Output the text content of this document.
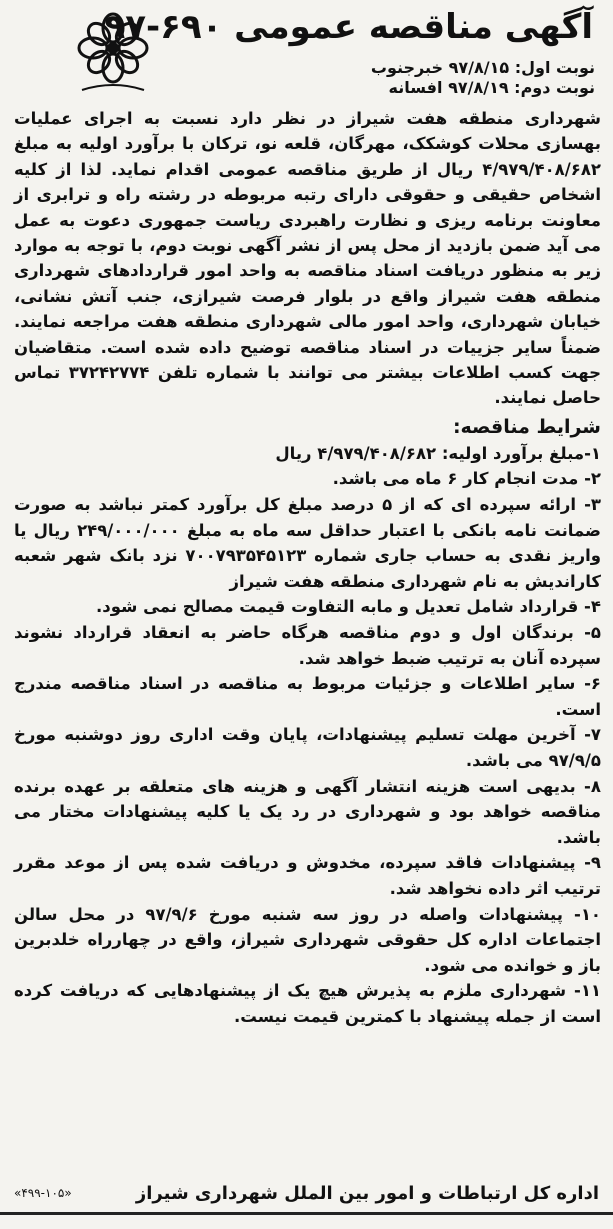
آگهی مناقصه عمومی ۶۹۰-۹۷
نوبت اول: ۹۷/۸/۱۵ خبرجنوب
نوبت دوم: ۹۷/۸/۱۹ افسانه
شهرداری منطقه هفت شیراز در نظر دارد نسبت به اجرای عملیات بهسازی محلات کوشکک، مهرگان، قلعه نو، ترکان با برآورد اولیه به مبلغ ۴/۹۷۹/۴۰۸/۶۸۲ ریال از طریق مناقصه عمومی اقدام نماید. لذا از کلیه اشخاص حقیقی و حقوقی دارای رتبه مربوطه در رشته راه و ترابری از معاونت برنامه ریزی و نظارت راهبردی ریاست جمهوری دعوت به عمل می آید ضمن بازدید از محل پس از نشر آگهی نوبت دوم، با توجه به موارد زیر به منظور دریافت اسناد مناقصه به واحد امور قراردادهای شهرداری منطقه هفت شیراز واقع در بلوار فرصت شیرازی، جنب آتش نشانی، خیابان شهرداری، واحد امور مالی شهرداری منطقه هفت مراجعه نمایند. ضمناً سایر جزییات در اسناد مناقصه توضیح داده شده است. متقاضیان جهت کسب اطلاعات بیشتر می توانند با شماره تلفن ۳۷۲۴۲۷۷۴ تماس حاصل نمایند.
شرایط مناقصه:
۱-مبلغ برآورد اولیه: ۴/۹۷۹/۴۰۸/۶۸۲ ریال
۲- مدت انجام کار ۶ ماه می باشد.
۳- ارائه سپرده ای که از ۵ درصد مبلغ کل برآورد کمتر نباشد به صورت ضمانت نامه بانکی با اعتبار حداقل سه ماه به مبلغ ۲۴۹/۰۰۰/۰۰۰ ریال یا واریز نقدی به حساب جاری شماره ۷۰۰۷۹۳۵۴۵۱۲۳ نزد بانک شهر شعبه کارانديش به نام شهرداری منطقه هفت شیراز
۴- قرارداد شامل تعدیل و مابه التفاوت قیمت مصالح نمی شود.
۵- برندگان اول و دوم مناقصه هرگاه حاضر به انعقاد قرارداد نشوند سپرده آنان به ترتیب ضبط خواهد شد.
۶- سایر اطلاعات و جزئیات مربوط به مناقصه در اسناد مناقصه مندرج است.
۷- آخرین مهلت تسلیم پیشنهادات، پایان وقت اداری روز دوشنبه مورخ ۹۷/۹/۵ می باشد.
۸- بدیهی است هزینه انتشار آگهی و هزینه های متعلقه بر عهده برنده مناقصه خواهد بود و شهرداری در رد یک یا کلیه پیشنهادات مختار می باشد.
۹- پیشنهادات فاقد سپرده، مخدوش و دریافت شده پس از موعد مقرر ترتیب اثر داده نخواهد شد.
۱۰- پیشنهادات واصله در روز سه شنبه مورخ ۹۷/۹/۶ در محل سالن اجتماعات اداره کل حقوقی شهرداری شیراز، واقع در چهارراه خلدبرین باز و خوانده می شود.
۱۱- شهرداری ملزم به پذیرش هیچ یک از پیشنهادهایی که دریافت کرده است از جمله پیشنهاد با کمترین قیمت نیست.
اداره کل ارتباطات و امور بین الملل شهرداری شیراز
«۴۹۹-۱۰۵»
